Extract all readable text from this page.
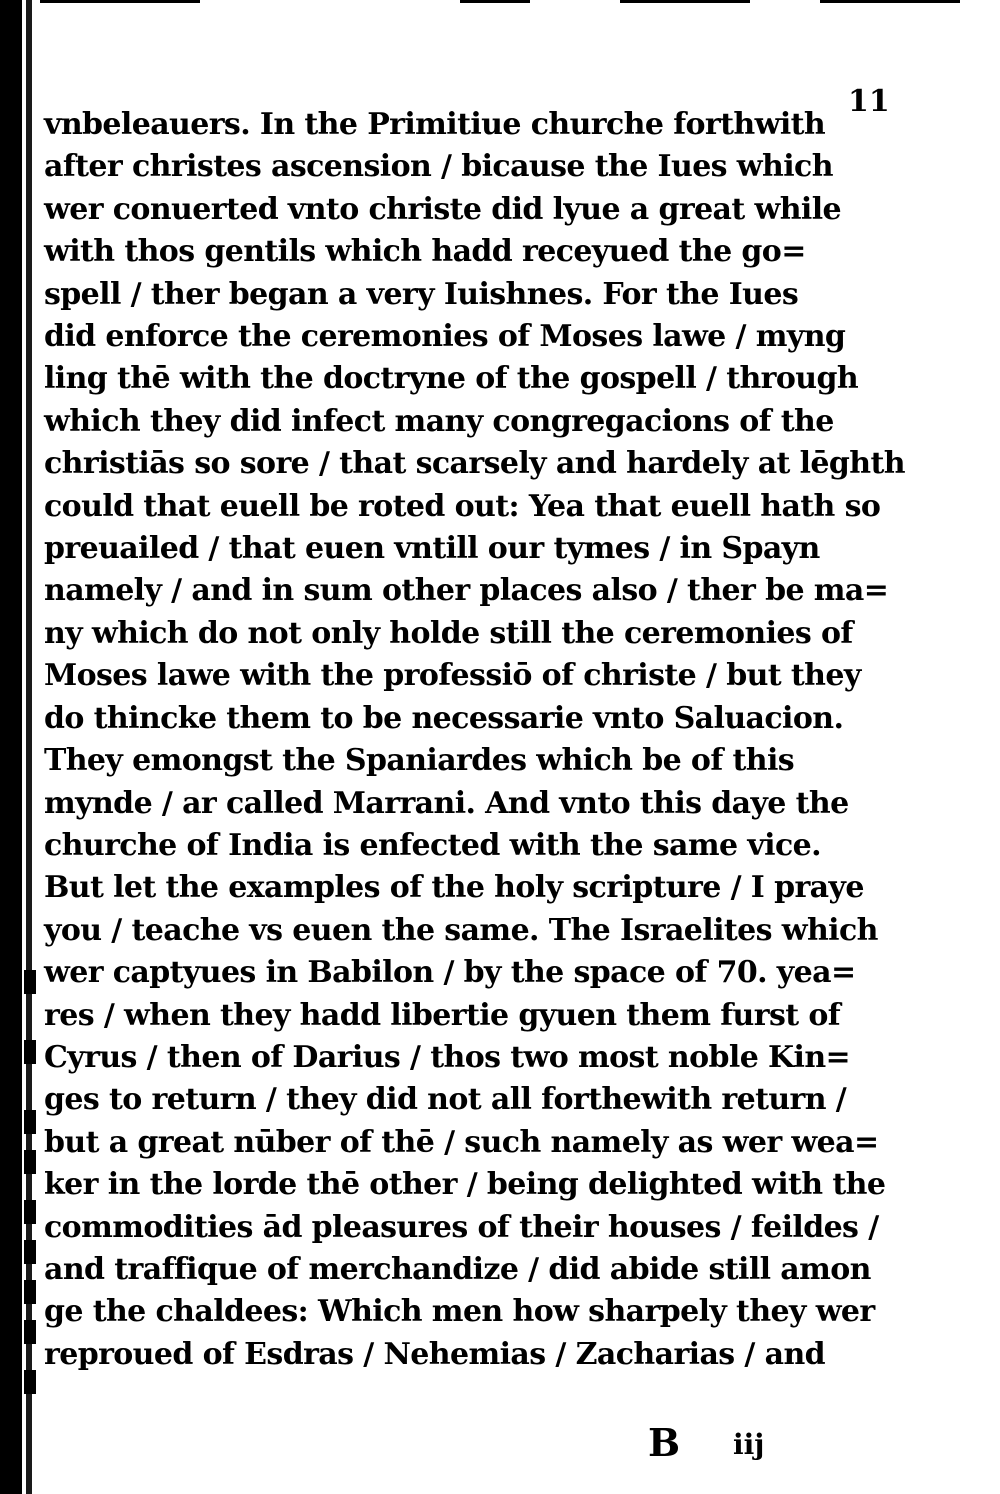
11
vnbeleauers. In the Primitiue churche forthwith
after christes ascension / bicause the Iues which
wer conuerted vnto christe did lyue a great while
with thos gentils which hadd receyued the go=
spell / ther began a very Iuishnes. For the Iues
did enforce the ceremonies of Moses lawe / myng
ling thē with the doctryne of the gospell / through
which they did infect many congregacions of the
christiās so sore / that scarsely and hardely at lēghth
could that euell be roted out: Yea that euell hath so
preuailed / that euen vntill our tymes / in Spayn
namely / and in sum other places also / ther be ma=
ny which do not only holde still the ceremonies of
Moses lawe with the professiō of christe / but they
do thincke them to be necessarie vnto Saluacion.
They emongst the Spaniardes which be of this
mynde / ar called Marrani. And vnto this daye the
churche of India is enfected with the same vice.
But let the examples of the holy scripture / I praye
you / teache vs euen the same. The Israelites which
wer captyues in Babilon / by the space of 70. yea=
res / when they hadd libertie gyuen them furst of
Cyrus / then of Darius / thos two most noble Kin=
ges to return / they did not all forthewith return /
but a great nūber of thē / such namely as wer wea=
ker in the lorde thē other / being delighted with the
commodities ād pleasures of their houses / feildes /
and traffique of merchandize / did abide still amon
ge the chaldees: Which men how sharpely they wer
reproued of Esdras / Nehemias / Zacharias / and
B iij
